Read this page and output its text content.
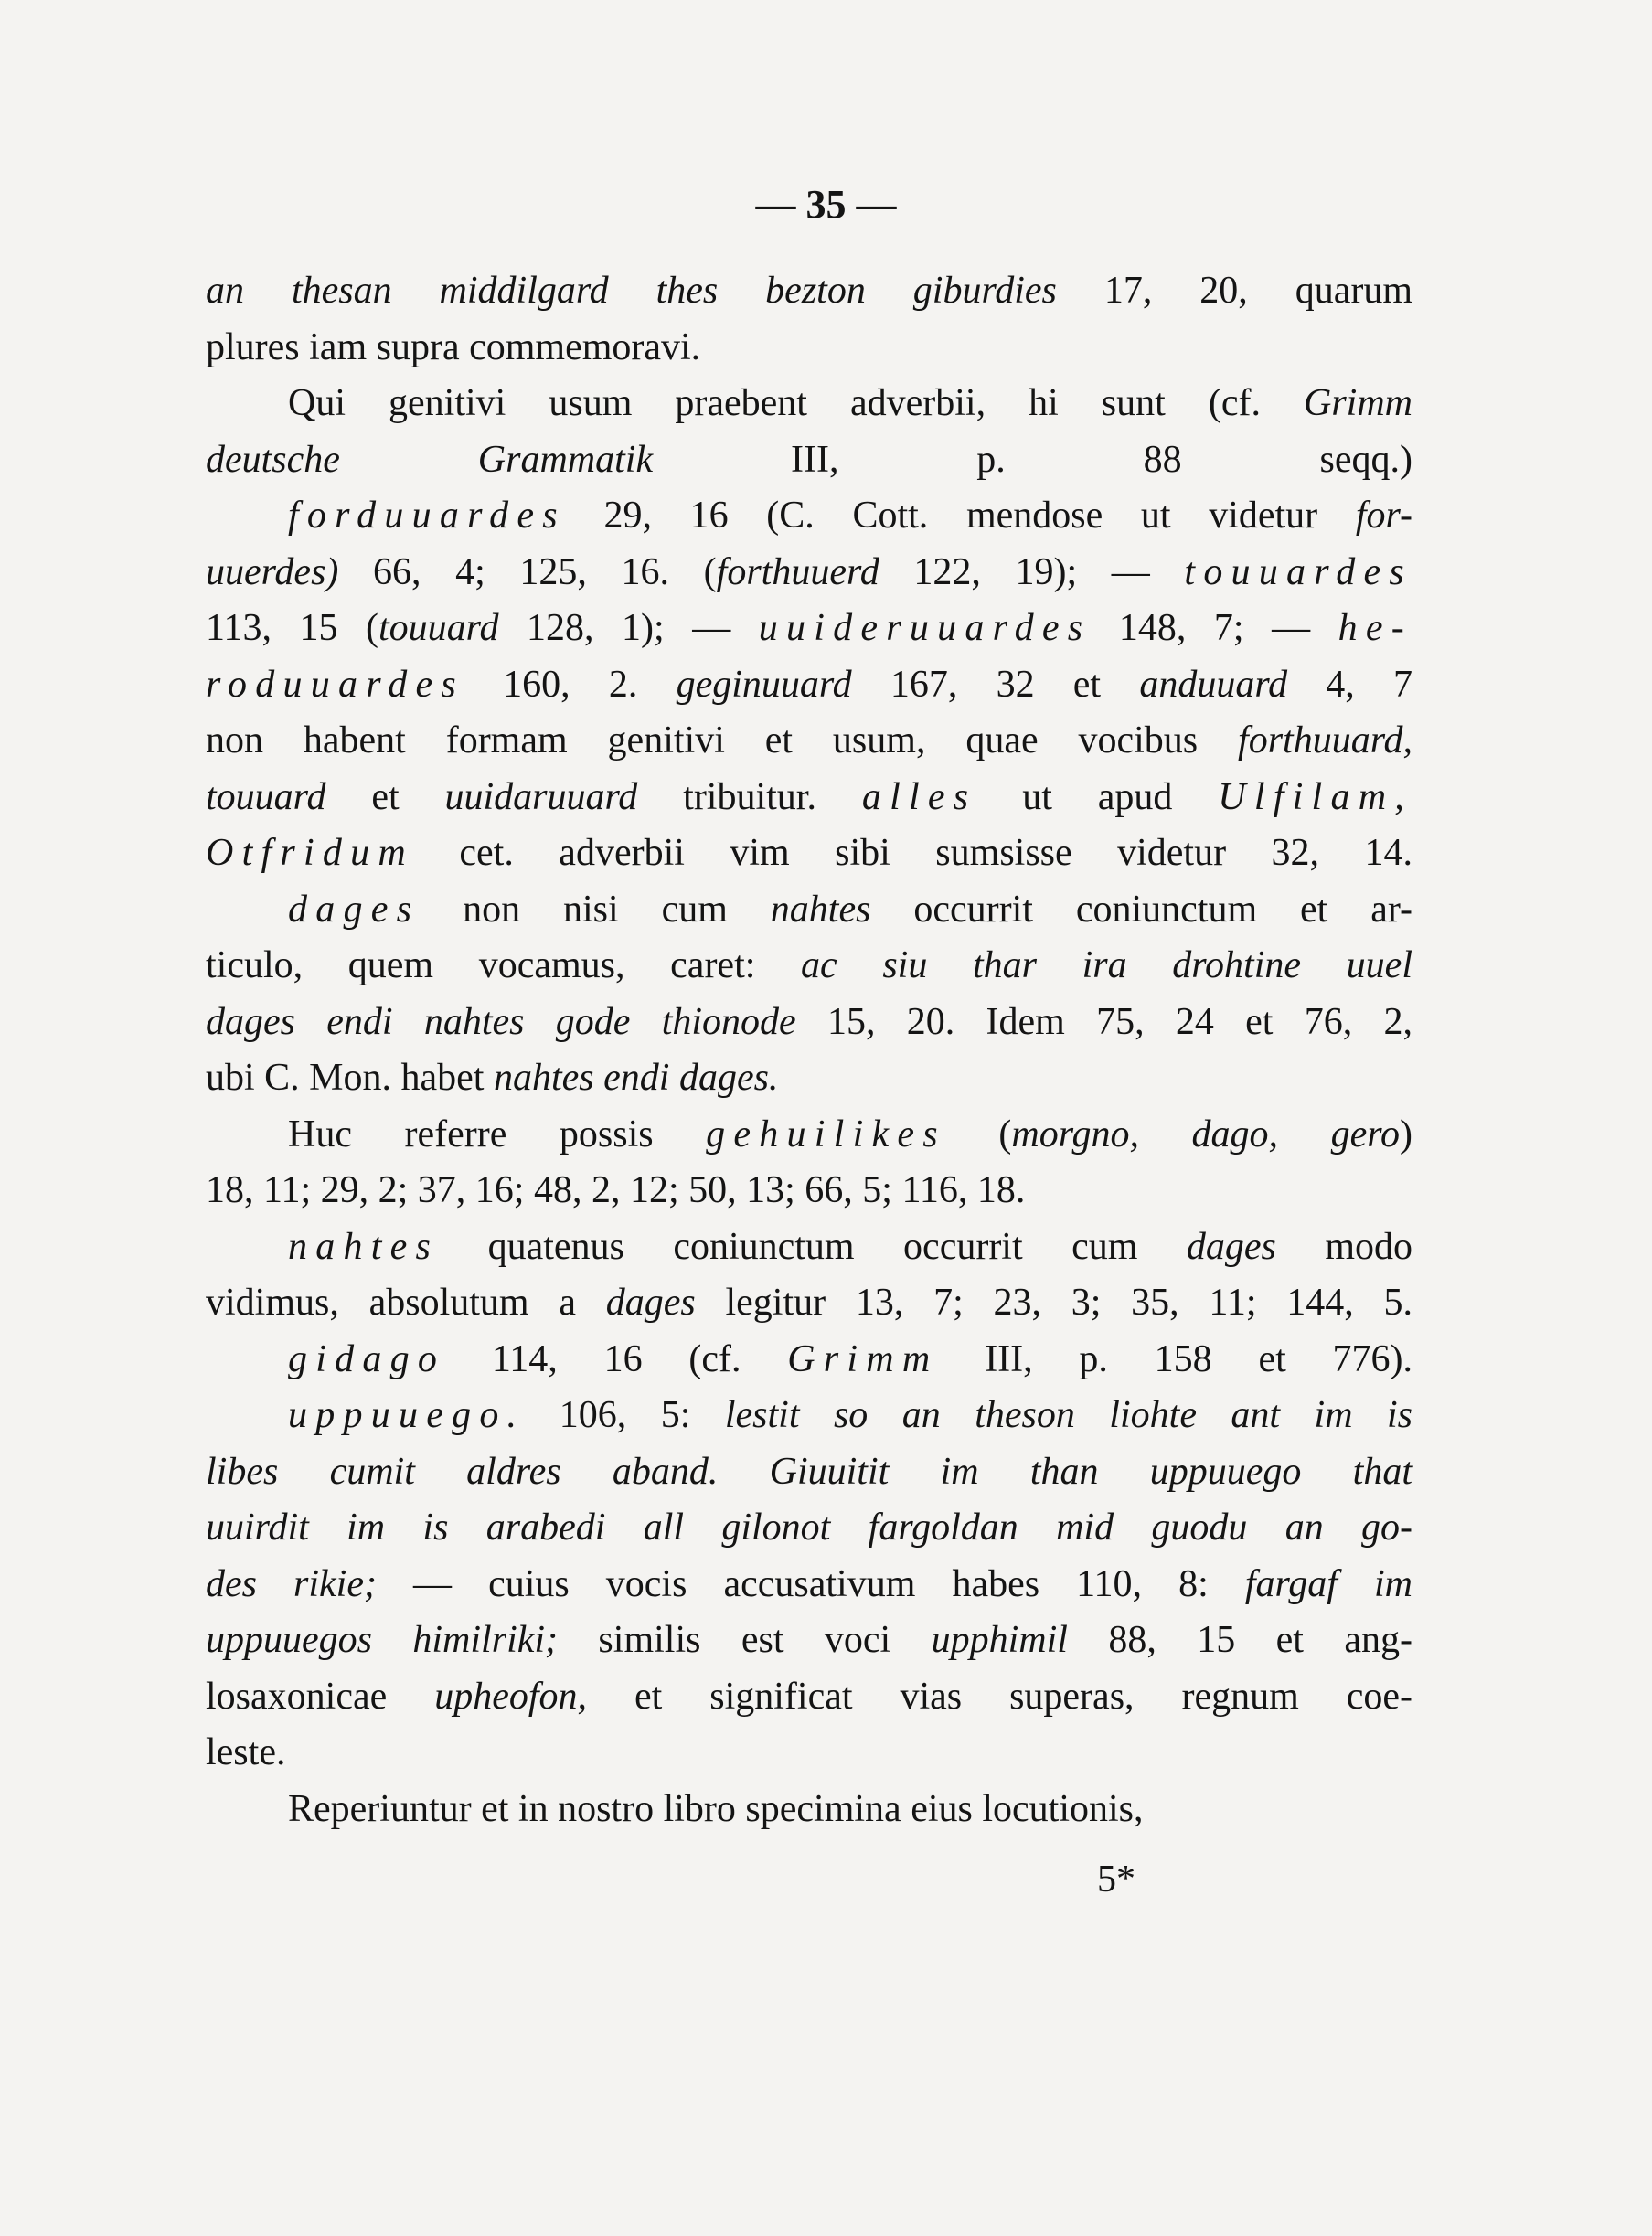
— 35 —
an thesan middilgard thes bezton giburdies 17, 20, quarum
plures iam supra commemoravi.
Qui genitivi usum praebent adverbii, hi sunt (cf. Grimm
deutsche Grammatik III, p. 88 seqq.)
forduuardes 29, 16 (C. Cott. mendose ut videtur for-
uuerdes) 66, 4; 125, 16. (forthuuerd 122, 19); — touuardes
113, 15 (touuard 128, 1); — uuideruuardes 148, 7; — he-
roduuardes 160, 2. geginuuard 167, 32 et anduuard 4, 7
non habent formam genitivi et usum, quae vocibus forthuuard,
touuard et uuidaruuard tribuitur. alles ut apud Ulfilam,
Otfridum cet. adverbii vim sibi sumsisse videtur 32, 14.
dages non nisi cum nahtes occurrit coniunctum et ar-
ticulo, quem vocamus, caret: ac siu thar ira drohtine uuel
dages endi nahtes gode thionode 15, 20. Idem 75, 24 et 76, 2,
ubi C. Mon. habet nahtes endi dages.
Huc referre possis gehuilikes (morgno, dago, gero)
18, 11; 29, 2; 37, 16; 48, 2, 12; 50, 13; 66, 5; 116, 18.
nahtes quatenus coniunctum occurrit cum dages modo
vidimus, absolutum a dages legitur 13, 7; 23, 3; 35, 11; 144, 5.
gidago 114, 16 (cf. Grimm III, p. 158 et 776).
uppuuego. 106, 5: lestit so an theson liohte ant im is
libes cumit aldres aband. Giuuitit im than uppuuego that
uuirdit im is arabedi all gilonot fargoldan mid guodu an go-
des rikie; — cuius vocis accusativum habes 110, 8: fargaf im
uppuuegos himilriki; similis est voci upphimil 88, 15 et ang-
losaxonicae upheofon, et significat vias superas, regnum coe-
leste.
Reperiuntur et in nostro libro specimina eius locutionis,
5*
